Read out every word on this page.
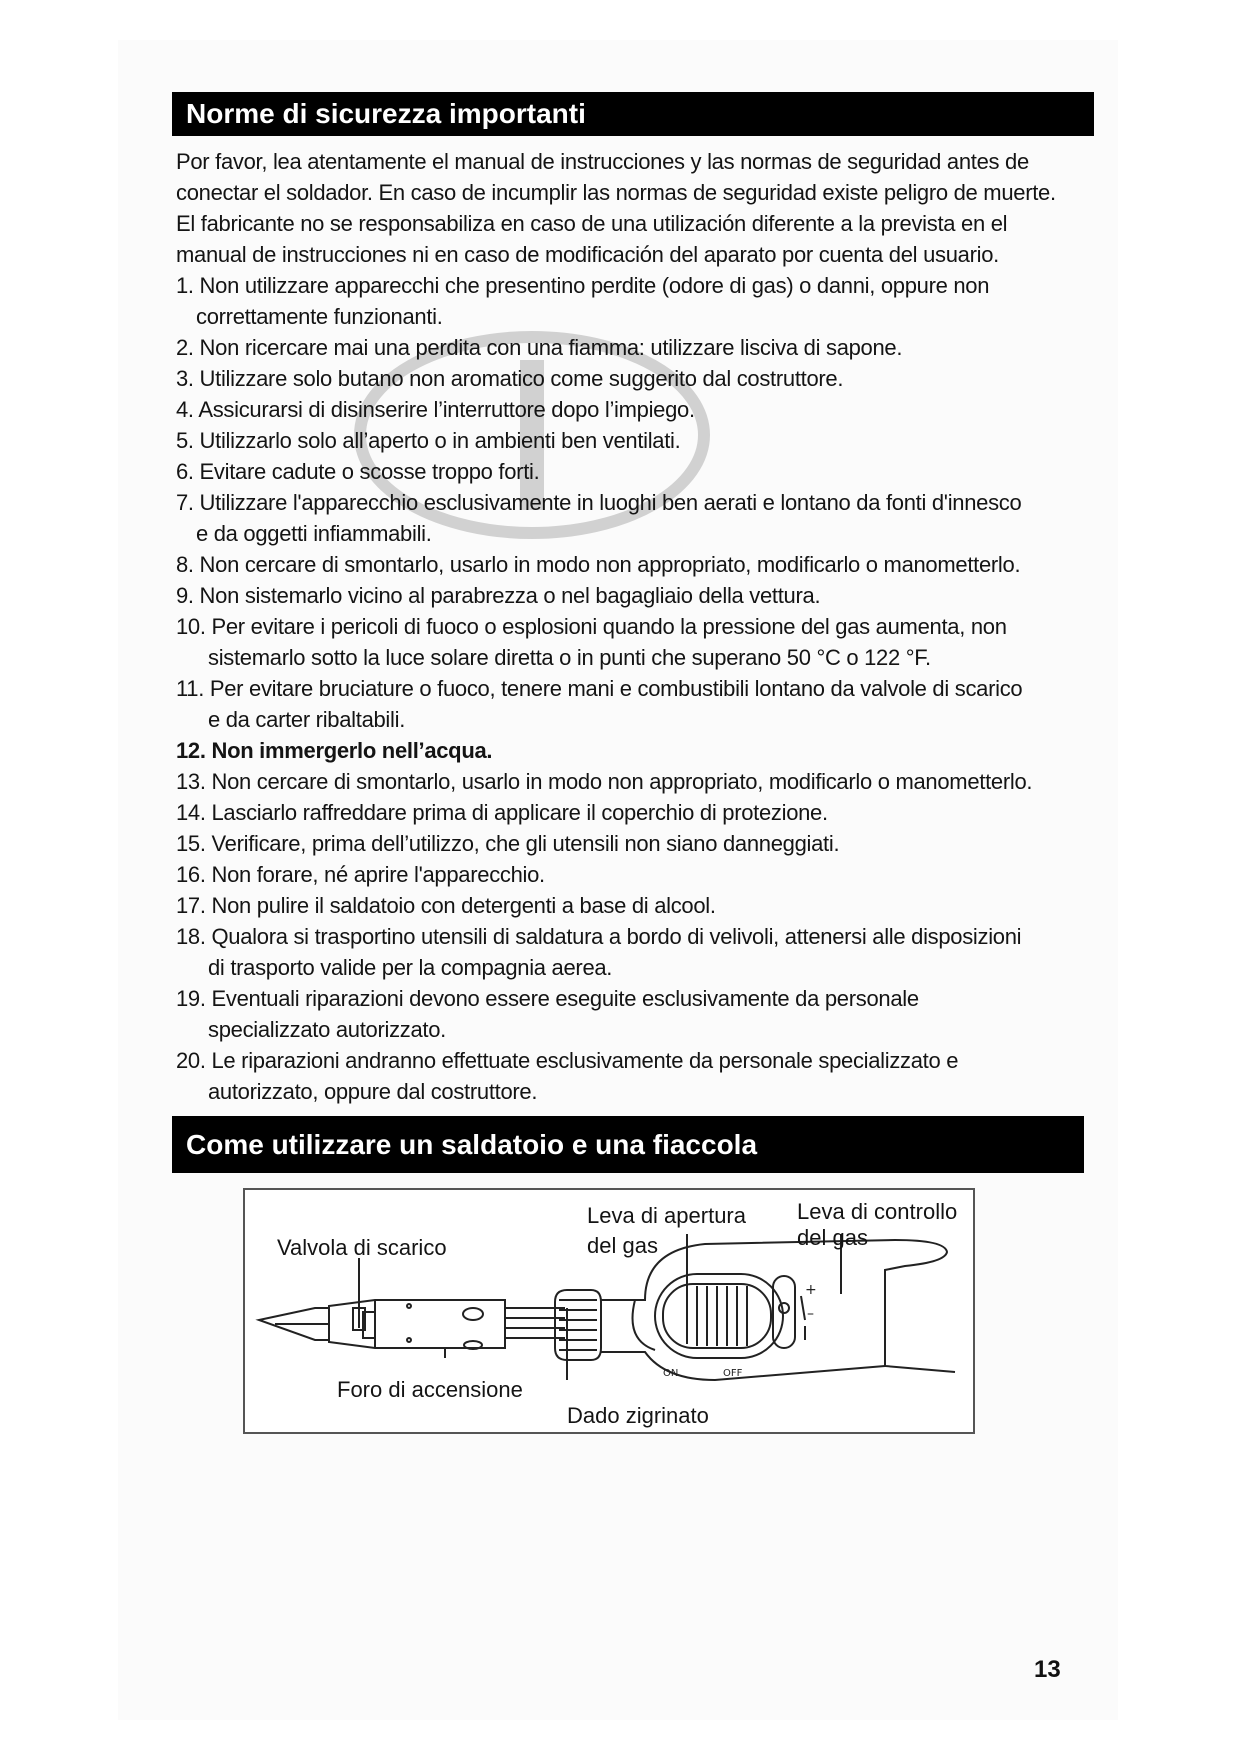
Norme di sicurezza importanti

Por favor, lea atentamente el manual de instrucciones y las normas de seguridad antes de conectar el soldador. En caso de incumplir las normas de seguridad existe peligro de muerte.

El fabricante no se responsabiliza en caso de una utilización diferente a la prevista en el manual de instrucciones ni en caso de modificación del aparato por cuenta del usuario.

1. Non utilizzare apparecchi che presentino perdite (odore di gas) o danni, oppure non
correttamente funzionanti.
2. Non ricercare mai una perdita con una fiamma: utilizzare lisciva di sapone.
3. Utilizzare solo butano non aromatico come suggerito dal costruttore.
4. Assicurarsi di disinserire l’interruttore dopo l’impiego.
5. Utilizzarlo solo all’aperto o in ambienti ben ventilati.
6. Evitare cadute o scosse troppo forti.
7. Utilizzare l'apparecchio esclusivamente in luoghi ben aerati e lontano da fonti d'innesco
e da oggetti infiammabili.
8. Non cercare di smontarlo, usarlo in modo non appropriato, modificarlo o manometterlo.
9. Non sistemarlo vicino al parabrezza o nel bagagliaio della vettura.
10. Per evitare i pericoli di fuoco o esplosioni quando la pressione del gas aumenta, non
sistemarlo sotto la luce solare diretta o in punti che superano 50 °C o 122 °F.
11. Per evitare bruciature o fuoco, tenere mani e combustibili lontano da valvole di scarico
e da carter ribaltabili.
12. Non immergerlo nell’acqua.
13. Non cercare di smontarlo, usarlo in modo non appropriato, modificarlo o manometterlo.
14. Lasciarlo raffreddare prima di applicare il coperchio di protezione.
15. Verificare, prima dell’utilizzo, che gli utensili non siano danneggiati.
16. Non forare, né aprire l'apparecchio.
17. Non pulire il saldatoio con detergenti a base di alcool.
18. Qualora si trasportino utensili di saldatura a bordo di velivoli, attenersi alle disposizioni
di trasporto valide per la compagnia aerea.
19. Eventuali riparazioni devono essere eseguite esclusivamente da personale
specializzato autorizzato.
20. Le riparazioni andranno effettuate esclusivamente da personale specializzato e
autorizzato, oppure dal costruttore.
Come utilizzare un saldatoio e una fiaccola
ON	OFF
+
–
Valvola di scarico
Leva di apertura
del gas
Leva di controllo
del gas
Foro di accensione
Dado zigrinato
13
